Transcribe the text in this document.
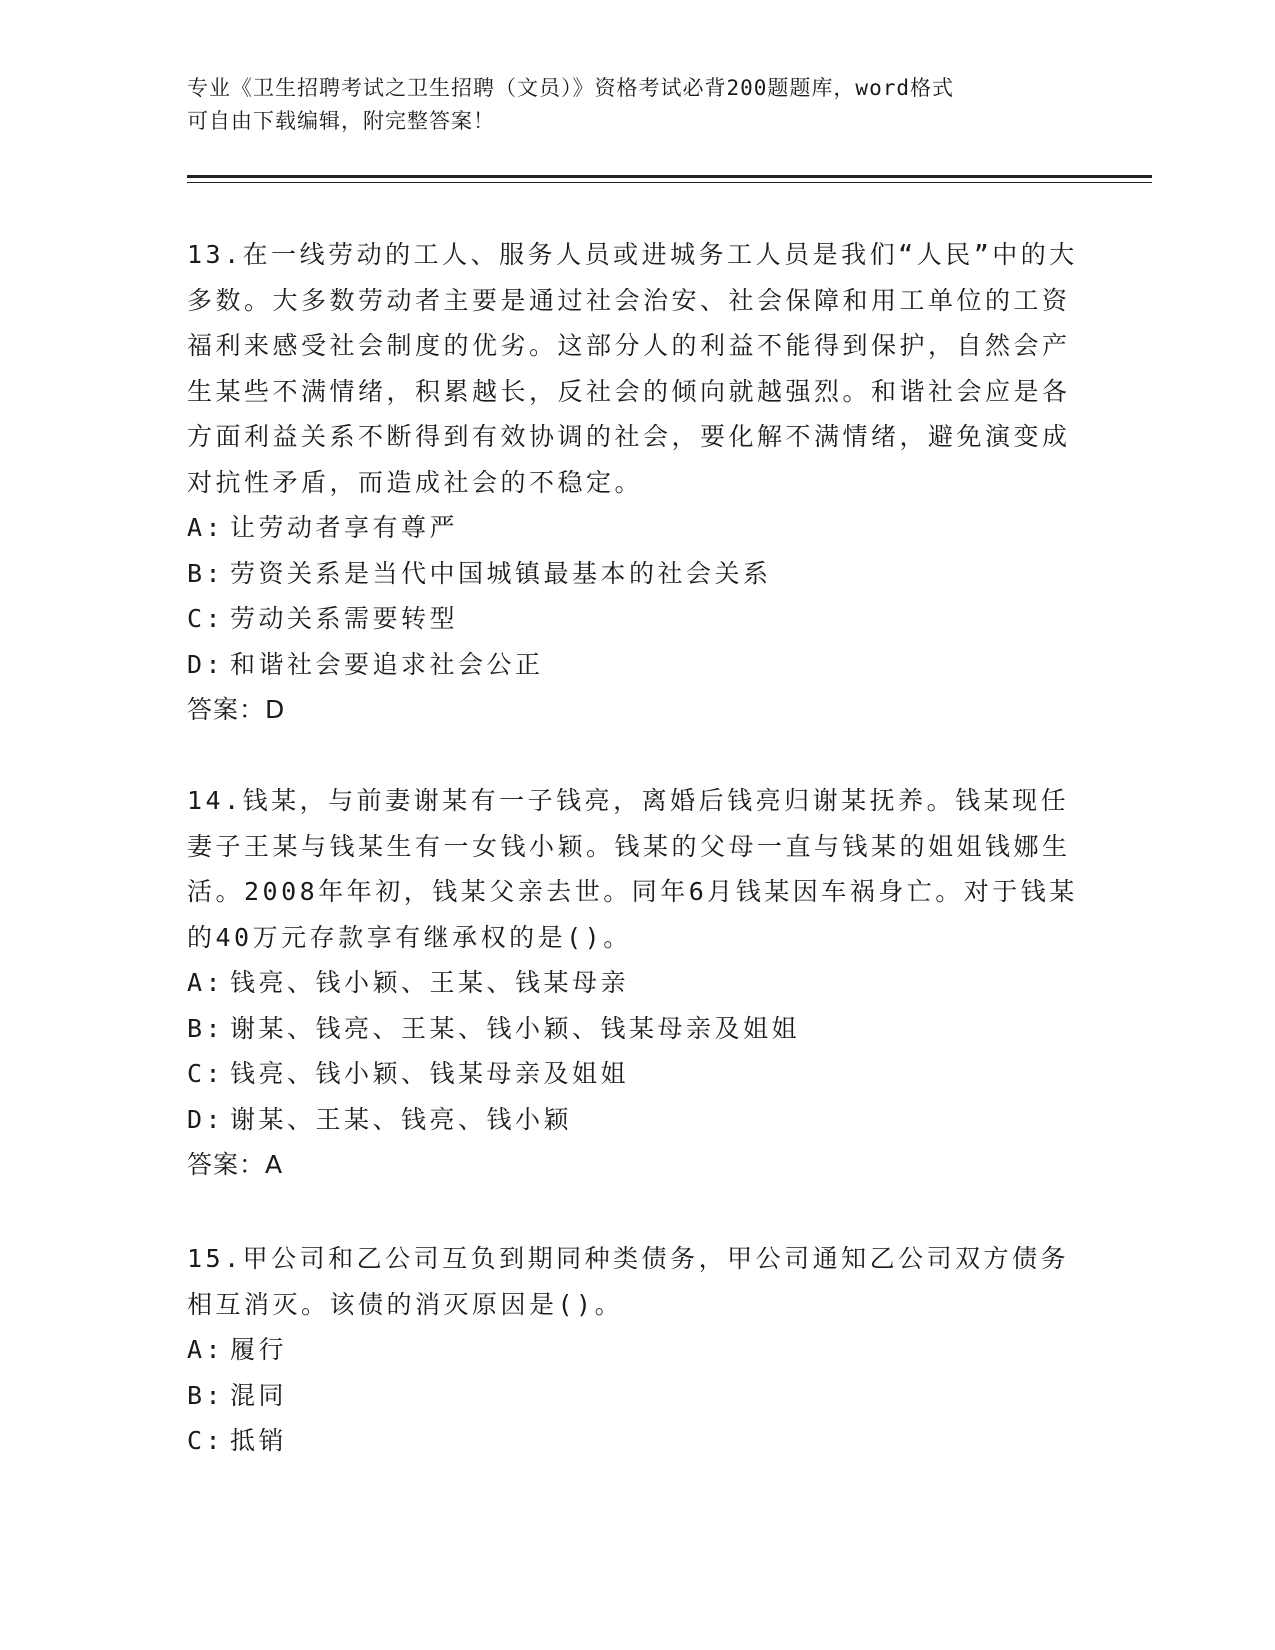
专业《卫生招聘考试之卫生招聘（文员）》资格考试必背200题题库，word格式
可自由下载编辑，附完整答案！

13.在一线劳动的工人、服务人员或进城务工人员是我们“人民”中的大多数。大多数劳动者主要是通过社会治安、社会保障和用工单位的工资福利来感受社会制度的优劣。这部分人的利益不能得到保护，自然会产生某些不满情绪，积累越长，反社会的倾向就越强烈。和谐社会应是各方面利益关系不断得到有效协调的社会，要化解不满情绪，避免演变成对抗性矛盾，而造成社会的不稳定。

A: 让劳动者享有尊严
B: 劳资关系是当代中国城镇最基本的社会关系
C: 劳动关系需要转型
D: 和谐社会要追求社会公正
答案：D

14.钱某，与前妻谢某有一子钱亮，离婚后钱亮归谢某抚养。钱某现任妻子王某与钱某生有一女钱小颖。钱某的父母一直与钱某的姐姐钱娜生活。2008年年初，钱某父亲去世。同年6月钱某因车祸身亡。对于钱某的40万元存款享有继承权的是()。

A: 钱亮、钱小颖、王某、钱某母亲
B: 谢某、钱亮、王某、钱小颖、钱某母亲及姐姐
C: 钱亮、钱小颖、钱某母亲及姐姐
D: 谢某、王某、钱亮、钱小颖
答案：A

15.甲公司和乙公司互负到期同种类债务，甲公司通知乙公司双方债务相互消灭。该债的消灭原因是()。

A: 履行
B: 混同
C: 抵销
